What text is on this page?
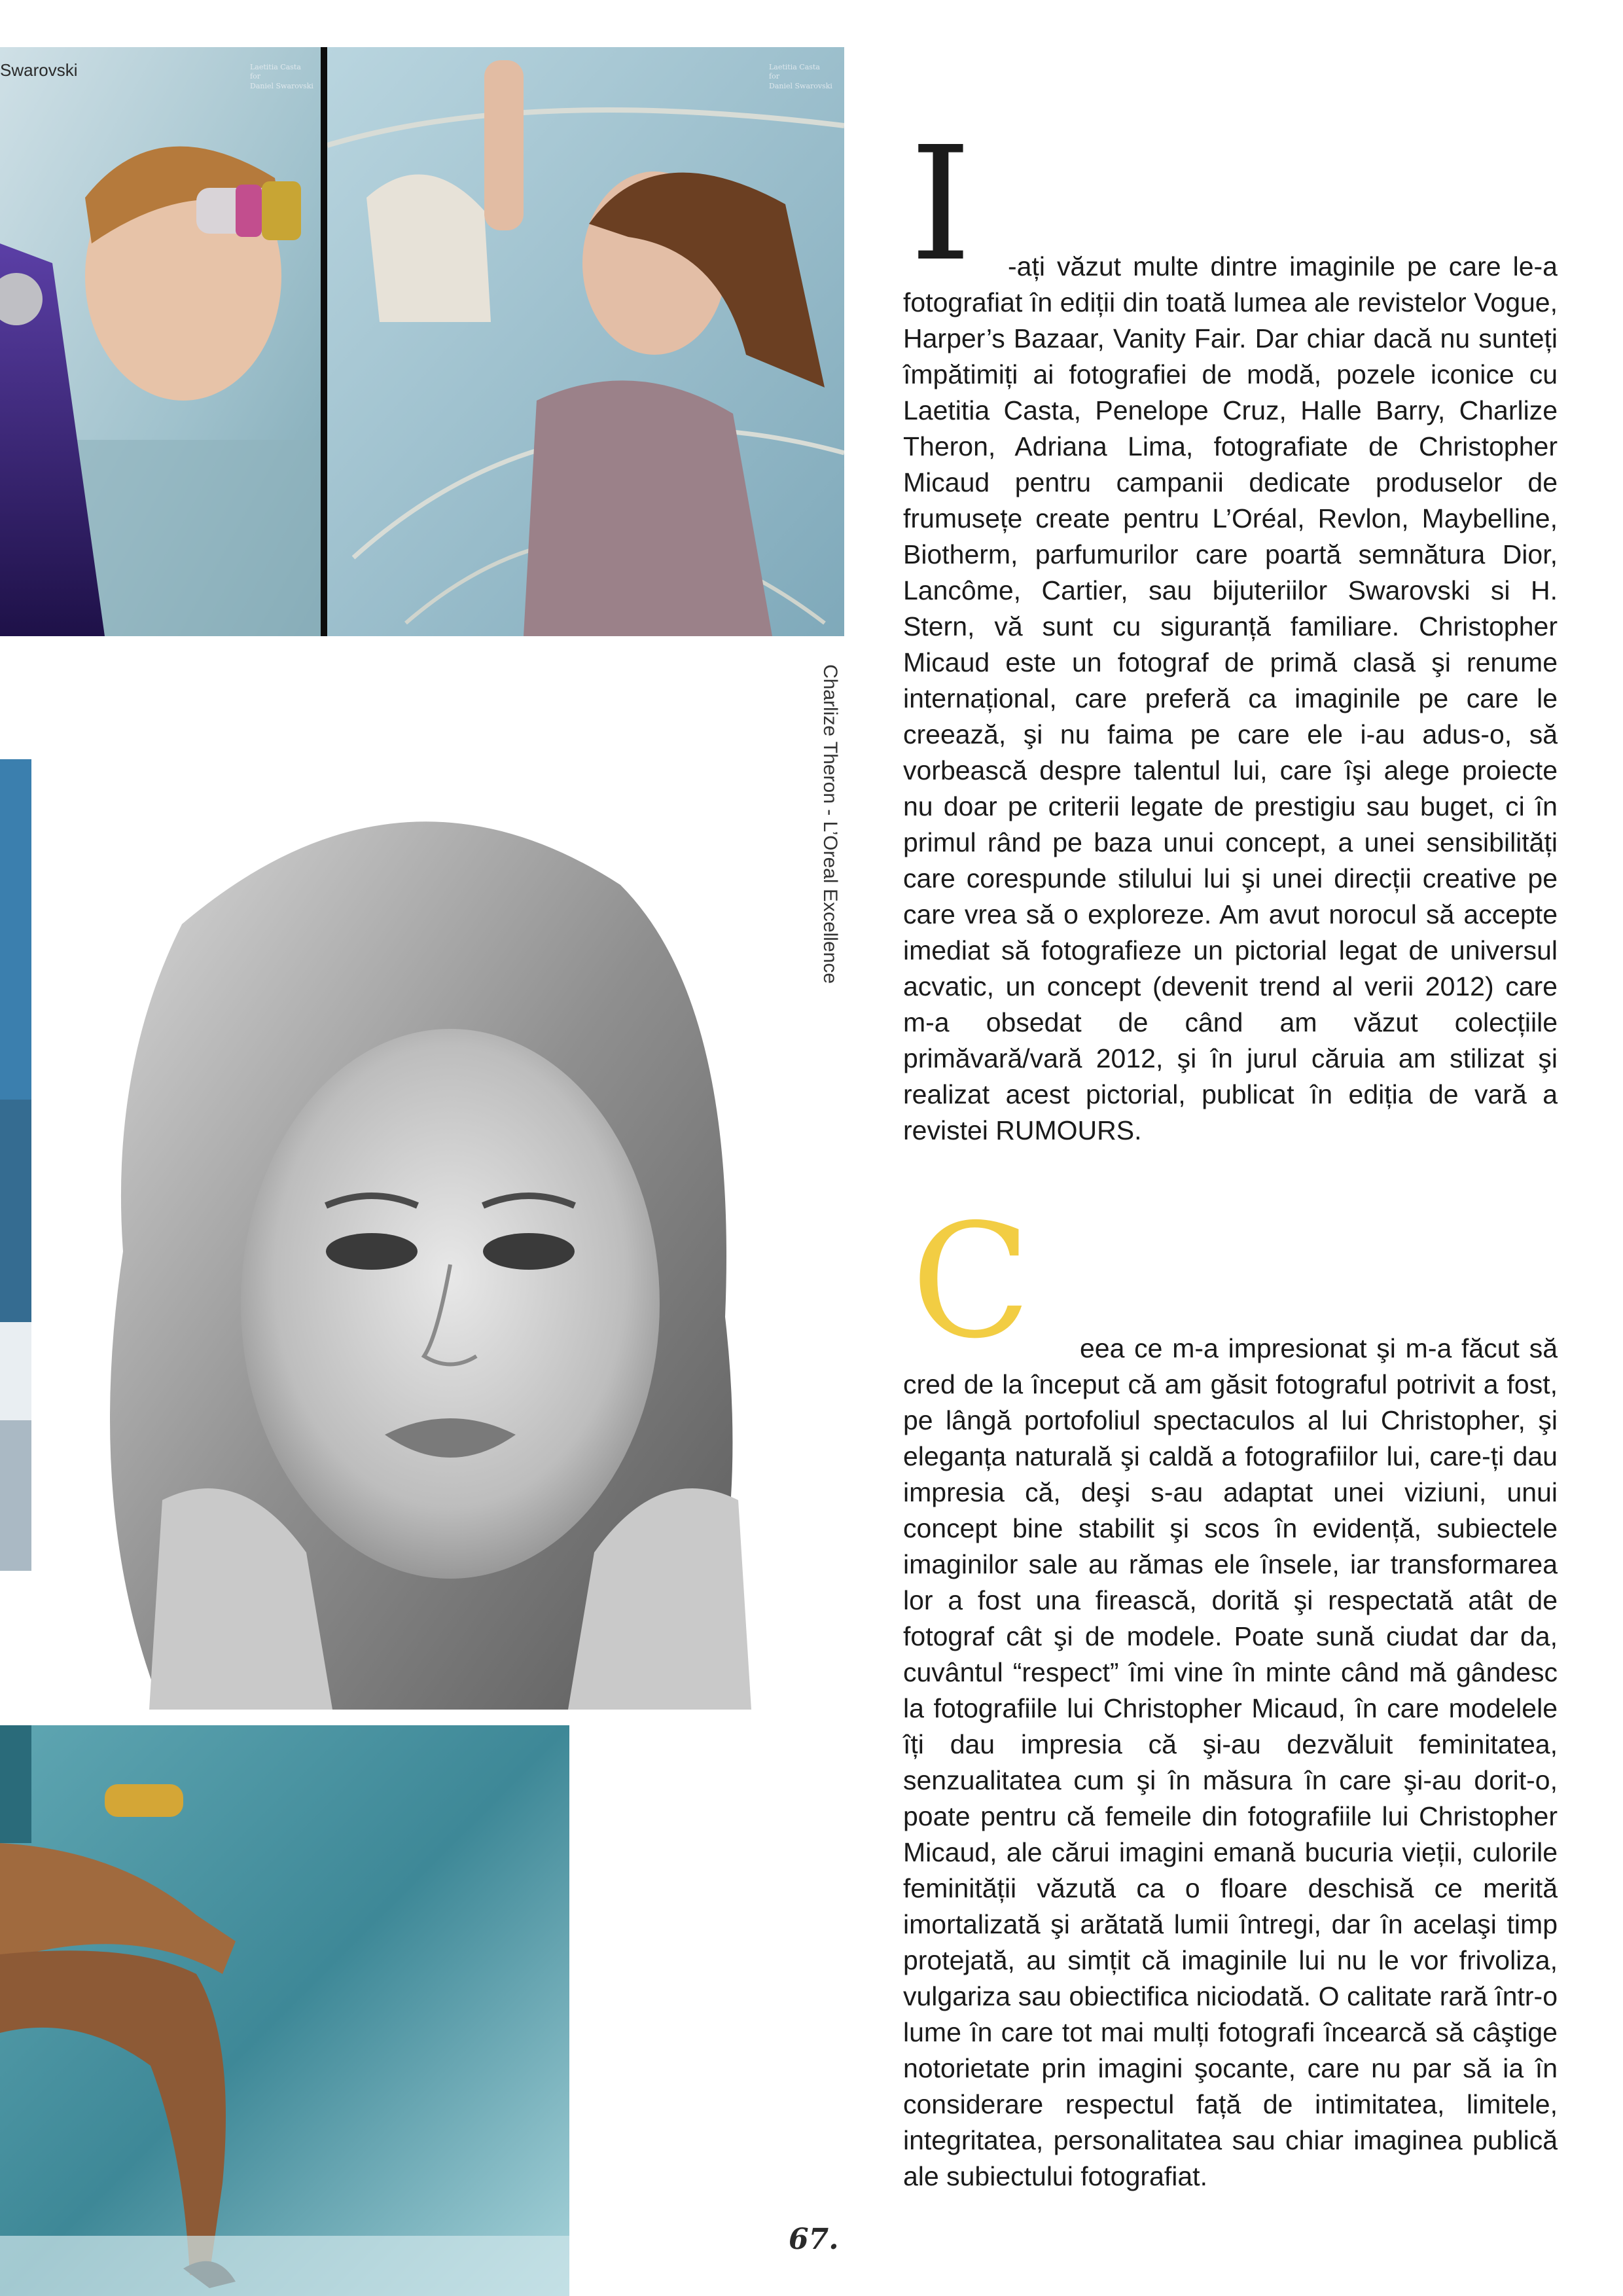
Swarovski	Laetitia Casta
for
Daniel Swarovski
Laetitia Casta
for
Daniel Swarovski
Charlize Theron - L’Oreal Excellence
I	-ați văzut multe dintre imaginile pe care le-a fotografiat în ediții din toată lumea ale revistelor Vogue, Harper’s Bazaar, Vanity Fair. Dar chiar dacă nu sunteți împătimiți ai fotografiei de modă, pozele iconice cu Laetitia Casta, Penelope Cruz, Halle Barry, Charlize Theron, Adriana Lima, fotografiate de Christopher Micaud pentru campanii dedicate produselor de frumusețe create pentru L’Oréal, Revlon, Maybelline, Biotherm, parfumurilor care poartă semnătura Dior, Lancôme, Cartier, sau bijuteriilor Swarovski si H. Stern, vă sunt cu siguranță familiare. Christopher Micaud este un fotograf de primă clasă şi renume internațional, care preferă ca imaginile pe care le creează, şi nu faima pe care ele i-au adus-o, să vorbească despre talentul lui, care îşi alege proiecte nu doar pe criterii legate de prestigiu sau buget, ci în primul rând pe baza unui concept, a unei sensibilități care corespunde stilului lui şi unei direcții creative pe care vrea să o exploreze. Am avut norocul să accepte imediat să fotografieze un pictorial legat de universul acvatic, un concept (devenit trend al verii 2012) care m-a obsedat de când am văzut colecțiile primăvară/vară 2012, şi în jurul căruia am stilizat şi realizat acest pictorial, publicat în ediția de vară a revistei RUMOURS.

C	eea ce m-a impresionat şi m-a făcut să cred de la început că am găsit fotograful potrivit a fost, pe lângă portofoliul spectaculos al lui Christopher, şi eleganța naturală şi caldă a fotografiilor lui, care-ți dau impresia că, deşi s-au adaptat unei viziuni, unui concept bine stabilit şi scos în evidență, subiectele imaginilor sale au rămas ele însele, iar transformarea lor a fost una firească, dorită şi respectată atât de fotograf cât şi de modele. Poate sună ciudat dar da, cuvântul “respect” îmi vine în minte când mă gândesc la fotografiile lui Christopher Micaud, în care modelele îți dau impresia că şi-au dezvăluit feminitatea, senzualitatea cum şi în măsura în care şi-au dorit-o, poate pentru că femeile din fotografiile lui Christopher Micaud, ale cărui imagini emană bucuria vieții, culorile feminității văzută ca o floare deschisă ce merită imortalizată şi arătată lumii întregi, dar în acelaşi timp protejată, au simțit că imaginile lui nu le vor frivoliza, vulgariza sau obiectifica niciodată. O calitate rară într-o lume în care tot mai mulți fotografi încearcă să câştige notorietate prin imagini şocante, care nu par să ia în considerare respectul față de intimitatea, limitele, integritatea, personalitatea sau chiar imaginea publică ale subiectului fotografiat.

67.
